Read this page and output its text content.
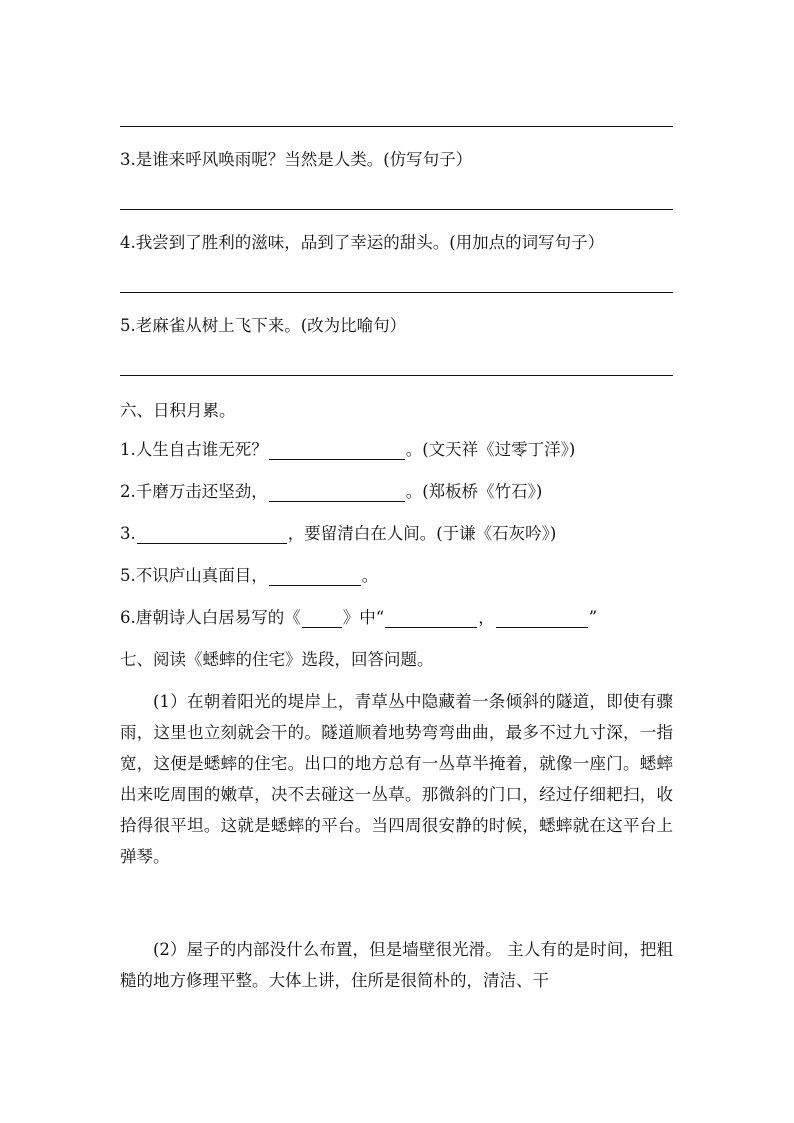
3.是谁来呼风唤雨呢？当然是人类。(仿写句子）
4.我尝到了胜利的滋味，品到了幸运的甜头。(用加点的词写句子）
5.老麻雀从树上飞下来。(改为比喻句）
六、日积月累。
1.人生自古谁无死？	。(文天祥《过零丁洋》)
2.千磨万击还坚劲，	。(郑板桥《竹石》)
3.	，要留清白在人间。(于谦《石灰吟》)
5.不识庐山真面目，	。
6.唐朝诗人白居易写的《	》中“	，	”
七、阅读《蟋蟀的住宅》选段，回答问题。
(1）在朝着阳光的堤岸上，青草丛中隐藏着一条倾斜的隧道，即使有骤雨，这里也立刻就会干的。隧道顺着地势弯弯曲曲，最多不过九寸深，一指宽，这便是蟋蟀的住宅。出口的地方总有一丛草半掩着，就像一座门。蟋蟀出来吃周围的嫩草，决不去碰这一丛草。那微斜的门口，经过仔细耙扫，收拾得很平坦。这就是蟋蟀的平台。当四周很安静的时候，蟋蟀就在这平台上弹琴。
(2）屋子的内部没什么布置，但是墙壁很光滑。 主人有的是时间，把粗糙的地方修理平整。大体上讲，住所是很简朴的，清洁、干
